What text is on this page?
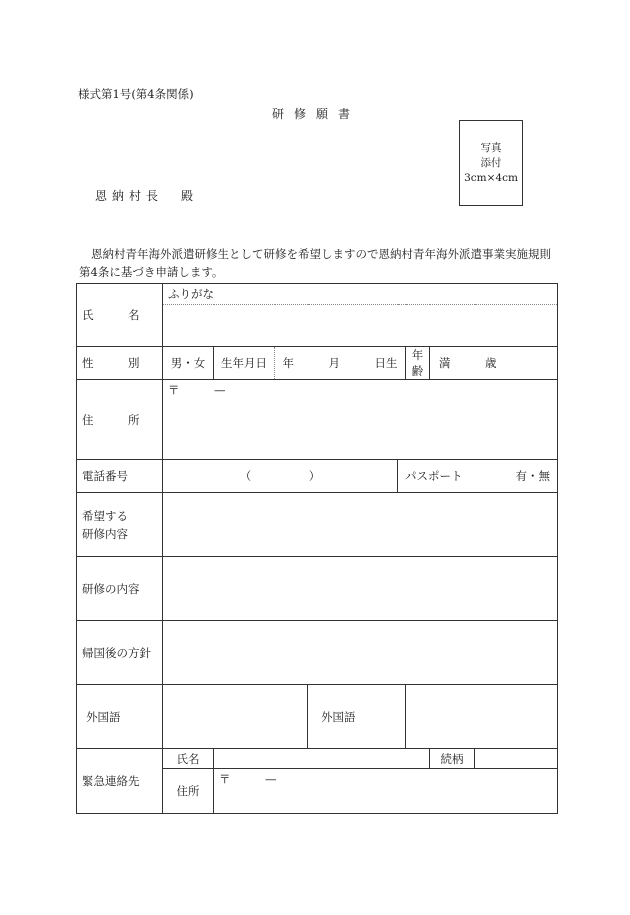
様式第1号(第4条関係)
研修願書
写真
添付
3cm×4cm
恩納村長 殿
恩納村青年海外派遣研修生として研修を希望しますので恩納村青年海外派遣事業実施規則第4条に基づき申請します。
氏　　　名	ふりがな							

性　　　別	男・女	生年月日	年　　　月　　　日生			年齢	満　　　歳	

住　　　所	〒　　　—							

電話番号	（　　　　　）				パスポート 有・無			

希望する
研修内容								

研修の内容								

帰国後の方針								

外国語				外国語				

緊急連絡先	氏名						続柄	
	住所	〒　　　—						
